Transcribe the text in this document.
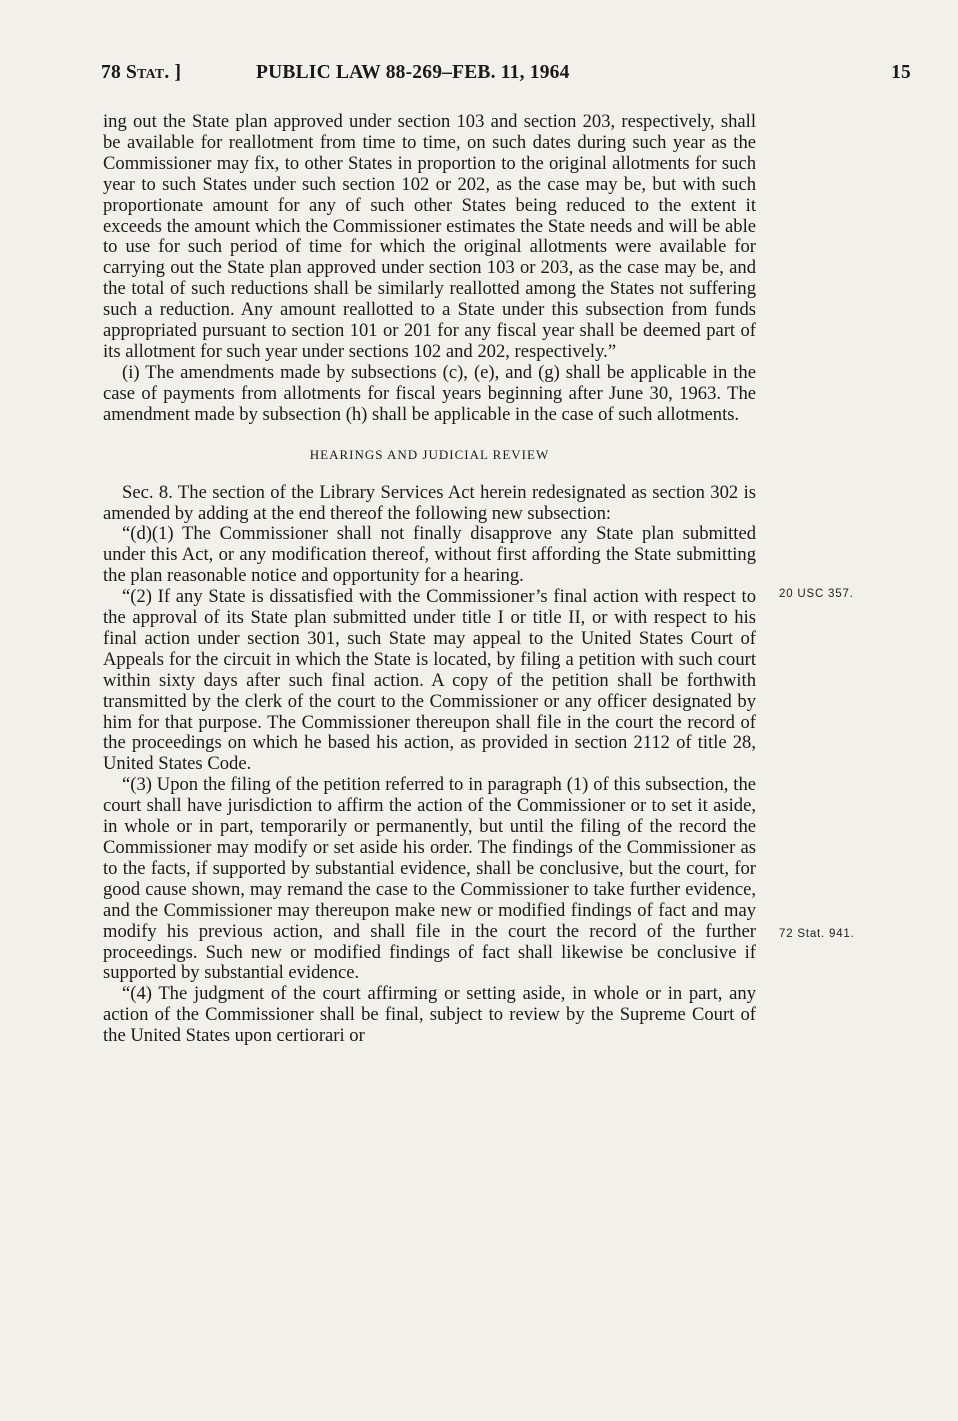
78 Stat. ]	PUBLIC LAW 88-269–FEB. 11, 1964	15

ing out the State plan approved under section 103 and section 203, respectively, shall be available for reallotment from time to time, on such dates during such year as the Commissioner may fix, to other States in proportion to the original allotments for such year to such States under such section 102 or 202, as the case may be, but with such proportionate amount for any of such other States being reduced to the extent it exceeds the amount which the Commissioner estimates the State needs and will be able to use for such period of time for which the original allotments were available for carrying out the State plan approved under section 103 or 203, as the case may be, and the total of such reductions shall be similarly reallotted among the States not suffering such a reduction. Any amount reallotted to a State under this subsection from funds appropriated pursuant to section 101 or 201 for any fiscal year shall be deemed part of its allotment for such year under sections 102 and 202, respectively.”

(i) The amendments made by subsections (c), (e), and (g) shall be applicable in the case of payments from allotments for fiscal years beginning after June 30, 1963. The amendment made by subsection (h) shall be applicable in the case of such allotments.

HEARINGS AND JUDICIAL REVIEW

Sec. 8. The section of the Library Services Act herein redesignated as section 302 is amended by adding at the end thereof the following new subsection:

“(d)(1) The Commissioner shall not finally disapprove any State plan submitted under this Act, or any modification thereof, without first affording the State submitting the plan reasonable notice and opportunity for a hearing.

“(2) If any State is dissatisfied with the Commissioner’s final action with respect to the approval of its State plan submitted under title I or title II, or with respect to his final action under section 301, such State may appeal to the United States Court of Appeals for the circuit in which the State is located, by filing a petition with such court within sixty days after such final action. A copy of the petition shall be forthwith transmitted by the clerk of the court to the Commissioner or any officer designated by him for that purpose. The Commissioner thereupon shall file in the court the record of the proceedings on which he based his action, as provided in section 2112 of title 28, United States Code.

“(3) Upon the filing of the petition referred to in paragraph (1) of this subsection, the court shall have jurisdiction to affirm the action of the Commissioner or to set it aside, in whole or in part, temporarily or permanently, but until the filing of the record the Commissioner may modify or set aside his order. The findings of the Commissioner as to the facts, if supported by substantial evidence, shall be conclusive, but the court, for good cause shown, may remand the case to the Commissioner to take further evidence, and the Commissioner may thereupon make new or modified findings of fact and may modify his previous action, and shall file in the court the record of the further proceedings. Such new or modified findings of fact shall likewise be conclusive if supported by substantial evidence.

“(4) The judgment of the court affirming or setting aside, in whole or in part, any action of the Commissioner shall be final, subject to review by the Supreme Court of the United States upon certiorari or

20 USC 357.
72 Stat. 941.
